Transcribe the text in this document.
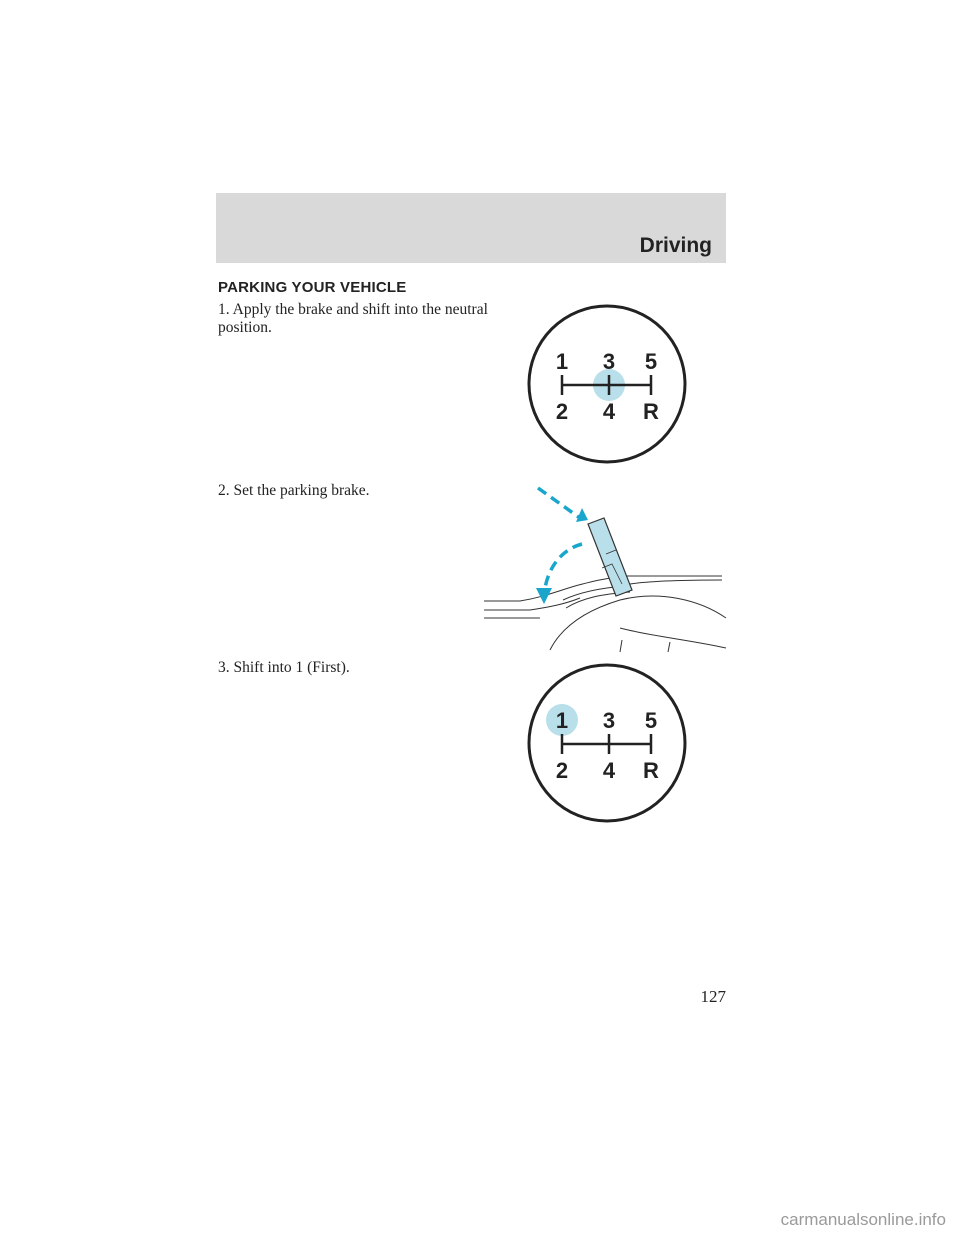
Driving
PARKING YOUR VEHICLE
1. Apply the brake and shift into the neutral position.
2. Set the parking brake.
3. Shift into 1 (First).
1 3 5
2 4 R
1 3 5
2 4 R
127
carmanualsonline.info
